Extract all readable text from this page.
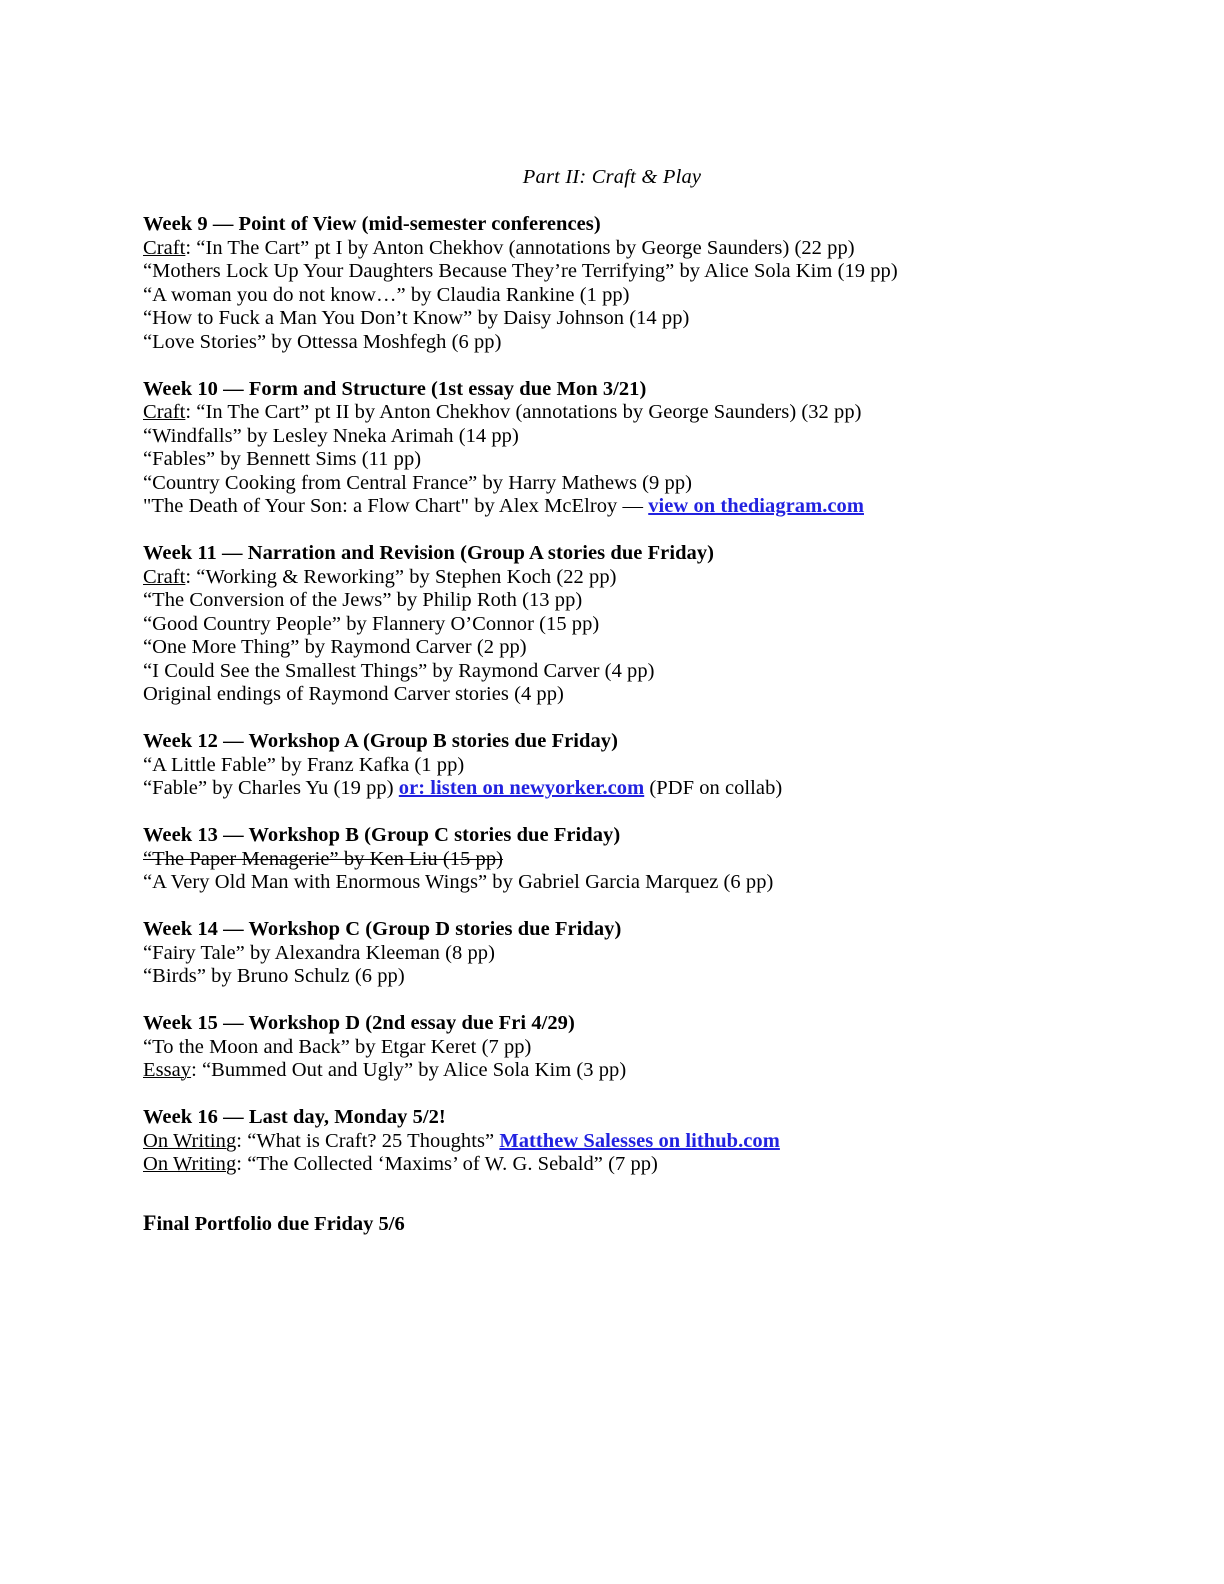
Part II: Craft & Play
Week 9 — Point of View (mid-semester conferences)
Craft: “In The Cart” pt I by Anton Chekhov (annotations by George Saunders) (22 pp)
“Mothers Lock Up Your Daughters Because They’re Terrifying” by Alice Sola Kim (19 pp)
“A woman you do not know…” by Claudia Rankine (1 pp)
“How to Fuck a Man You Don’t Know” by Daisy Johnson (14 pp)
“Love Stories” by Ottessa Moshfegh (6 pp)
Week 10 — Form and Structure (1st essay due Mon 3/21)
Craft: “In The Cart” pt II by Anton Chekhov (annotations by George Saunders) (32 pp)
“Windfalls” by Lesley Nneka Arimah (14 pp)
“Fables” by Bennett Sims (11 pp)
“Country Cooking from Central France” by Harry Mathews (9 pp)
"The Death of Your Son: a Flow Chart" by Alex McElroy — view on thediagram.com
Week 11 — Narration and Revision (Group A stories due Friday)
Craft: “Working & Reworking” by Stephen Koch (22 pp)
“The Conversion of the Jews” by Philip Roth (13 pp)
“Good Country People” by Flannery O’Connor (15 pp)
“One More Thing” by Raymond Carver (2 pp)
“I Could See the Smallest Things” by Raymond Carver (4 pp)
Original endings of Raymond Carver stories (4 pp)
Week 12 — Workshop A (Group B stories due Friday)
“A Little Fable” by Franz Kafka (1 pp)
“Fable” by Charles Yu (19 pp) or: listen on newyorker.com (PDF on collab)
Week 13 — Workshop B (Group C stories due Friday)
“The Paper Menagerie” by Ken Liu (15 pp)
“A Very Old Man with Enormous Wings” by Gabriel Garcia Marquez (6 pp)
Week 14 — Workshop C (Group D stories due Friday)
“Fairy Tale” by Alexandra Kleeman (8 pp)
“Birds” by Bruno Schulz (6 pp)
Week 15 — Workshop D (2nd essay due Fri 4/29)
“To the Moon and Back” by Etgar Keret (7 pp)
Essay: “Bummed Out and Ugly” by Alice Sola Kim (3 pp)
Week 16 — Last day, Monday 5/2!
On Writing: “What is Craft? 25 Thoughts” Matthew Salesses on lithub.com
On Writing: “The Collected ‘Maxims’ of W. G. Sebald” (7 pp)
Final Portfolio due Friday 5/6
